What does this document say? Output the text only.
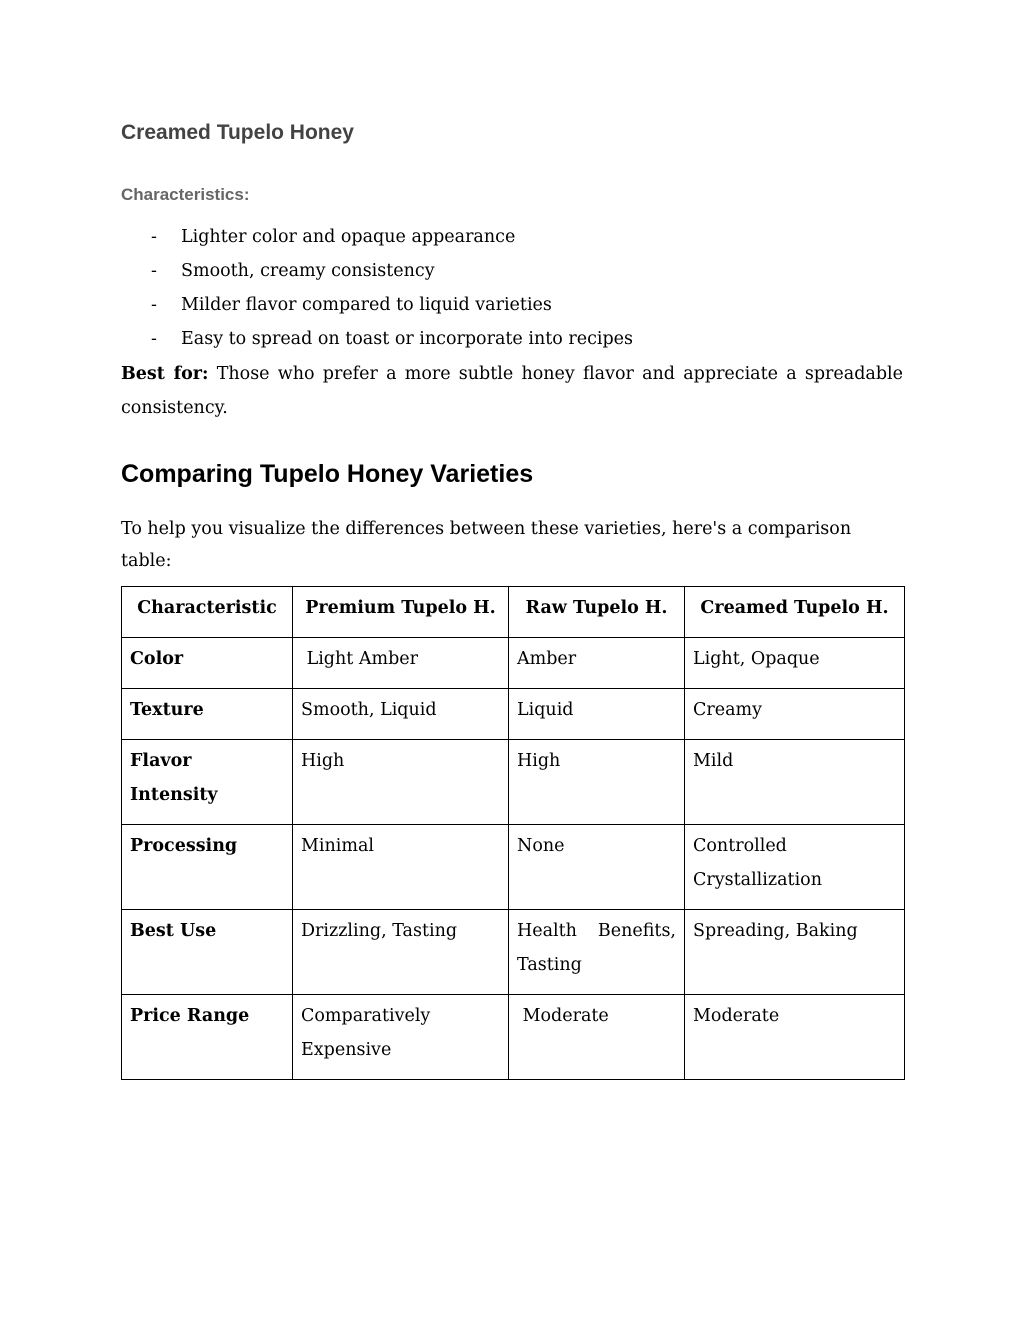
Creamed Tupelo Honey
Characteristics:
- Lighter color and opaque appearance
- Smooth, creamy consistency
- Milder flavor compared to liquid varieties
- Easy to spread on toast or incorporate into recipes

Best for: Those who prefer a more subtle honey flavor and appreciate a spreadable consistency.

Comparing Tupelo Honey Varieties

To help you visualize the differences between these varieties, here's a comparison table:

Characteristic	Premium Tupelo H.	Raw Tupelo H.	Creamed Tupelo H.
Color	Light Amber	Amber	Light, Opaque
Texture	Smooth, Liquid	Liquid	Creamy
Flavor Intensity	High	High	Mild
Processing	Minimal	None	Controlled Crystallization
Best Use	Drizzling, Tasting	Health Benefits, Tasting	Spreading, Baking
Price Range	Comparatively Expensive	Moderate	Moderate
